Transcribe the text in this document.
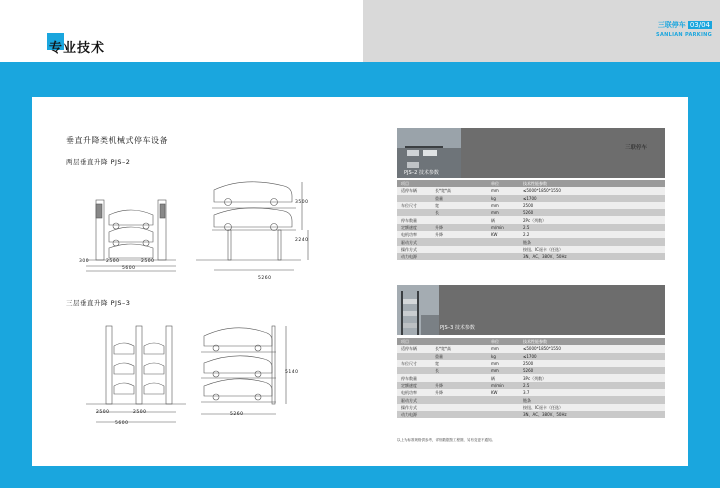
三联停车 03/04
SANLIAN PARKING
专业技术
垂直升降类机械式停车设备
两层垂直升降 PJS–2
300	2500	2500
5600
5260
3500
2240
三层垂直升降 PJS–3
2500	2500
5600
5260
5140
三联停车
PJS–2 技术参数
项目		单位	技术性能参数
适停车辆	长*宽*高	mm	≤5000*1850*1550
	重量	kg	≤1700
车位尺寸	宽	mm	2500
	长	mm	5260
停车数量		辆	2Pc（列数）
定额速度	升降	m/min	2.5
电机功率	升降	KW	2.2
驱动方式			链条
操作方式			按钮、IC遥卡（任选）
动力电源			3N、AC、380V、50Hz
PJS–3 技术参数
项目		单位	技术性能参数
适停车辆	长*宽*高	mm	≤5000*1850*1550
	重量	kg	≤1700
车位尺寸	宽	mm	2500
	长	mm	5260
停车数量		辆	3Pc（列数）
定额速度	升降	m/min	2.5
电机功率	升降	KW	3.7
驱动方式			链条
操作方式			按钮、IC遥卡（任选）
动力电源			3N、AC、380V、50Hz
以上为标准规格供参考，详细数据按工程图，另有变更不通知。
